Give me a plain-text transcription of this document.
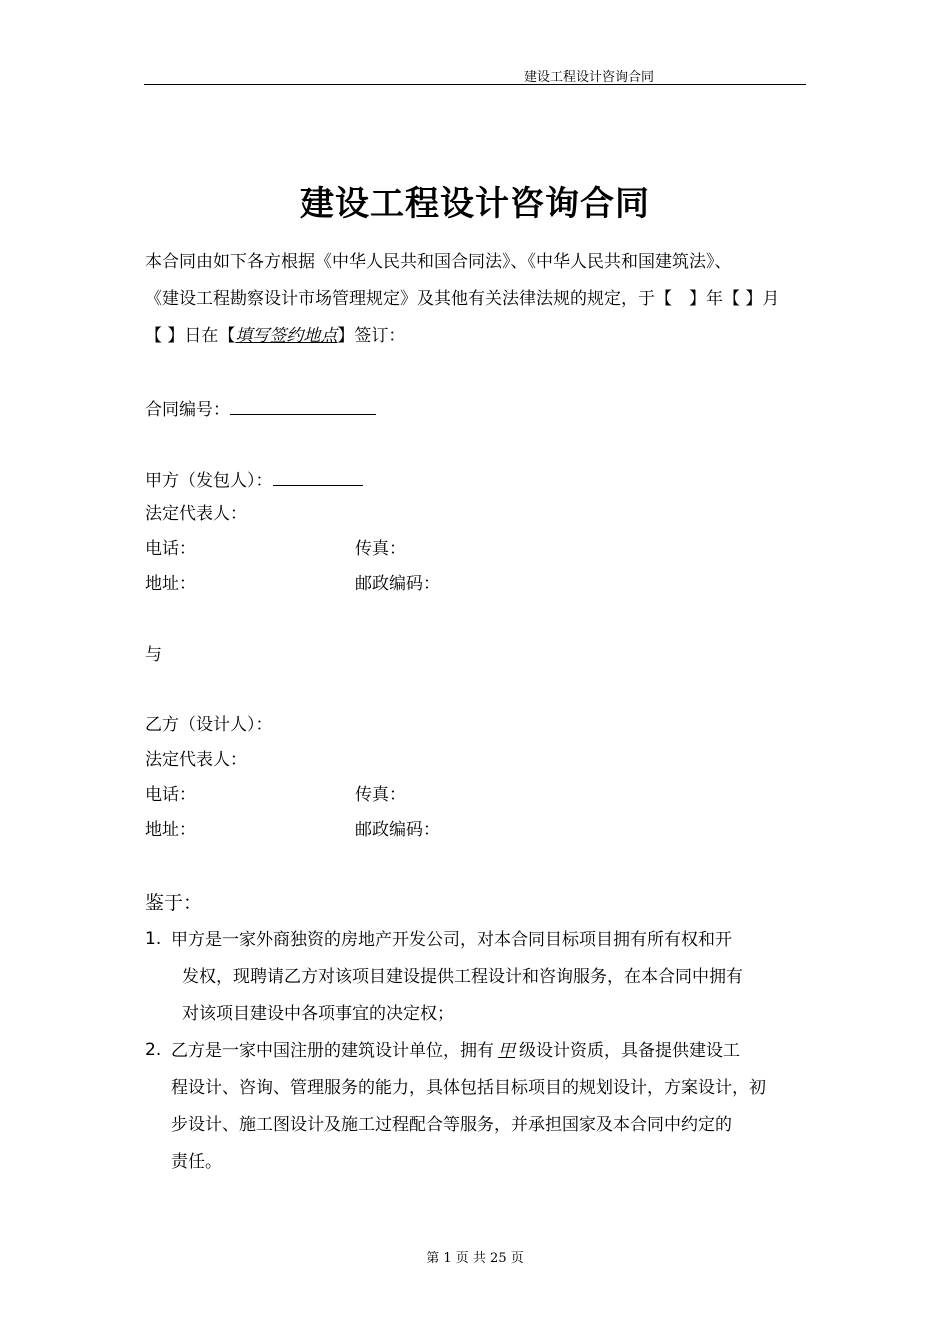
建设工程设计咨询合同
建设工程设计咨询合同
本合同由如下各方根据《中华人民共和国合同法》、《中华人民共和国建筑法》、
《建设工程勘察设计市场管理规定》及其他有关法律法规的规定，于【　】年【 】月
【 】日在【填写签约地点】签订：
合同编号：
甲方（发包人）：
法定代表人：
电话：	传真：
地址：	邮政编码：
与
乙方（设计人）：
法定代表人：
电话：	传真：
地址：	邮政编码：
鉴于：
1. 甲方是一家外商独资的房地产开发公司，对本合同目标项目拥有所有权和开
发权，现聘请乙方对该项目建设提供工程设计和咨询服务，在本合同中拥有
对该项目建设中各项事宜的决定权；
2. 乙方是一家中国注册的建筑设计单位，拥有 甲 级设计资质，具备提供建设工
程设计、咨询、管理服务的能力，具体包括目标项目的规划设计，方案设计，初
步设计、施工图设计及施工过程配合等服务，并承担国家及本合同中约定的
责任。
第 1 页 共 25 页
